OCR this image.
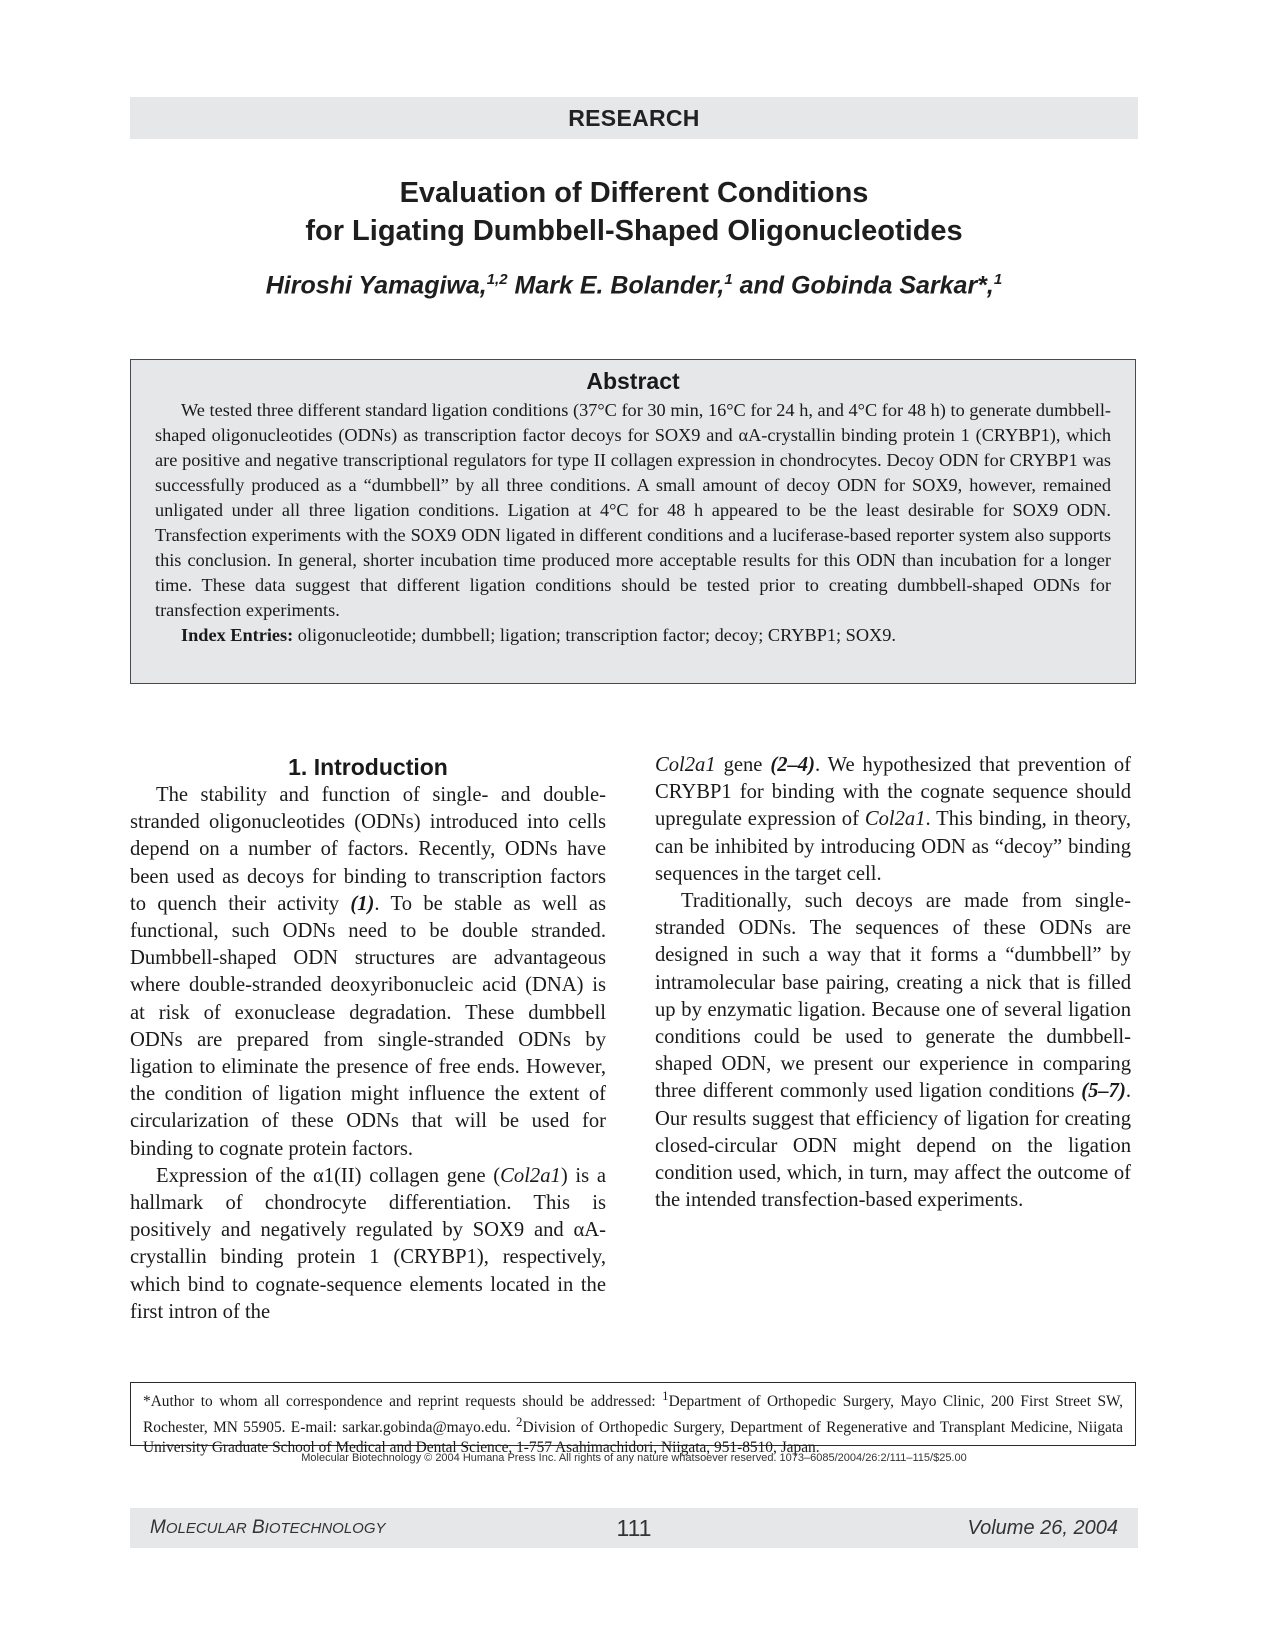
RESEARCH
Evaluation of Different Conditions
for Ligating Dumbbell-Shaped Oligonucleotides
Hiroshi Yamagiwa,$^{1,2}$ Mark E. Bolander,$^1$ and Gobinda Sarkar*,$^1$
Abstract

We tested three different standard ligation conditions (37°C for 30 min, 16°C for 24 h, and 4°C for 48 h) to generate dumbbell-shaped oligonucleotides (ODNs) as transcription factor decoys for SOX9 and αA-crystallin binding protein 1 (CRYBP1), which are positive and negative transcriptional regulators for type II collagen expression in chondrocytes. Decoy ODN for CRYBP1 was successfully produced as a “dumbbell” by all three conditions. A small amount of decoy ODN for SOX9, however, remained unligated under all three ligation conditions. Ligation at 4°C for 48 h appeared to be the least desirable for SOX9 ODN. Transfection experiments with the SOX9 ODN ligated in different conditions and a luciferase-based reporter system also supports this conclusion. In general, shorter incubation time produced more acceptable results for this ODN than incubation for a longer time. These data suggest that different ligation conditions should be tested prior to creating dumbbell-shaped ODNs for transfection experiments.

Index Entries: oligonucleotide; dumbbell; ligation; transcription factor; decoy; CRYBP1; SOX9.

1. Introduction

The stability and function of single- and double-stranded oligonucleotides (ODNs) introduced into cells depend on a number of factors. Recently, ODNs have been used as decoys for binding to transcription factors to quench their activity (1). To be stable as well as functional, such ODNs need to be double stranded. Dumbbell-shaped ODN structures are advantageous where double-stranded deoxyribonucleic acid (DNA) is at risk of exonuclease degradation. These dumbbell ODNs are prepared from single-stranded ODNs by ligation to eliminate the presence of free ends. However, the condition of ligation might influence the extent of circularization of these ODNs that will be used for binding to cognate protein factors.

Expression of the α1(II) collagen gene (Col2a1) is a hallmark of chondrocyte differentiation. This is positively and negatively regulated by SOX9 and αA-crystallin binding protein 1 (CRYBP1), respectively, which bind to cognate-sequence elements located in the first intron of the

Col2a1 gene (2–4). We hypothesized that prevention of CRYBP1 for binding with the cognate sequence should upregulate expression of Col2a1. This binding, in theory, can be inhibited by introducing ODN as “decoy” binding sequences in the target cell.

Traditionally, such decoys are made from single-stranded ODNs. The sequences of these ODNs are designed in such a way that it forms a “dumbbell” by intramolecular base pairing, creating a nick that is filled up by enzymatic ligation. Because one of several ligation conditions could be used to generate the dumbbell-shaped ODN, we present our experience in comparing three different commonly used ligation conditions (5–7). Our results suggest that efficiency of ligation for creating closed-circular ODN might depend on the ligation condition used, which, in turn, may affect the outcome of the intended transfection-based experiments.

*Author to whom all correspondence and reprint requests should be addressed: $^1$Department of Orthopedic Surgery, Mayo Clinic, 200 First Street SW, Rochester, MN 55905. E-mail: sarkar.gobinda@mayo.edu. $^2$Division of Orthopedic Surgery, Department of Regenerative and Transplant Medicine, Niigata University Graduate School of Medical and Dental Science, 1-757 Asahimachidori, Niigata, 951-8510, Japan.
Molecular Biotechnology © 2004 Humana Press Inc. All rights of any nature whatsoever reserved. 1073–6085/2004/26:2/111–115/$25.00
MOLECULAR BIOTECHNOLOGY	111	Volume 26, 2004
